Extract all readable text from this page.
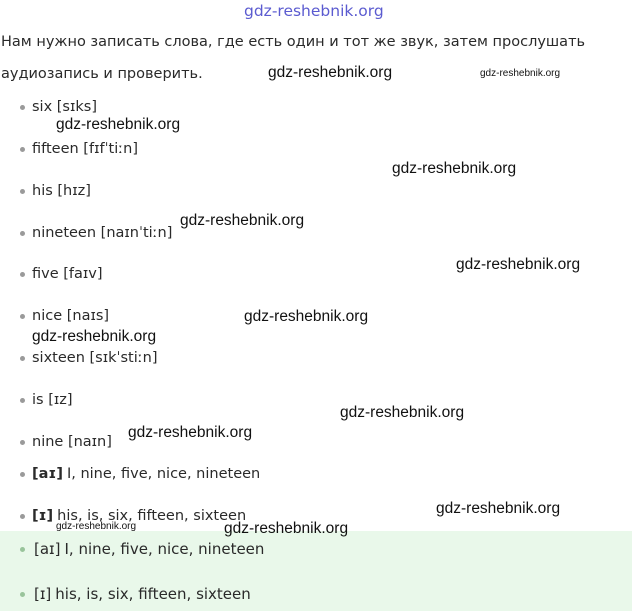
Нам нужно записать слова, где есть один и тот же звук, затем прослушать
аудиозапись и проверить.
six [sɪks]
fifteen [fɪfˈtiːn]
his [hɪz]
nineteen [naɪnˈtiːn]
five [faɪv]
nice [naɪs]
sixteen [sɪkˈstiːn]
is [ɪz]
nine [naɪn]
[aɪ] I, nine, five, nice, nineteen
[ɪ] his, is, six, fifteen, sixteen
[aɪ] I, nine, five, nice, nineteen
[ɪ] his, is, six, fifteen, sixteen
gdz-reshebnik.org
gdz-reshebnik.org	gdz-reshebnik.org
gdz-reshebnik.org
gdz-reshebnik.org
gdz-reshebnik.org
gdz-reshebnik.org
gdz-reshebnik.org
gdz-reshebnik.org
gdz-reshebnik.org
gdz-reshebnik.org
gdz-reshebnik.org
gdz-reshebnik.org	gdz-reshebnik.org
